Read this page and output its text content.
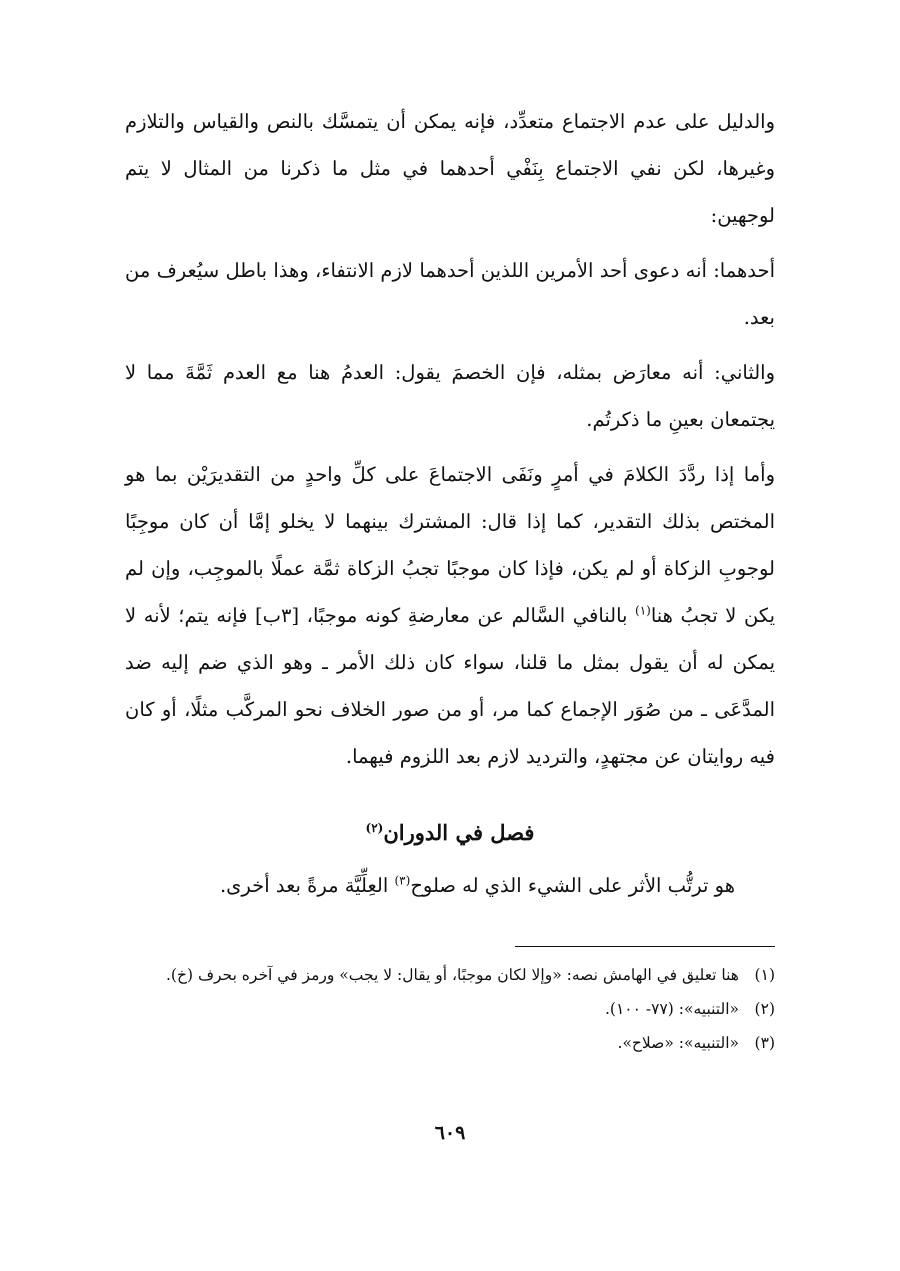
والدليل على عدم الاجتماع متعدِّد، فإنه يمكن أن يتمسَّك بالنص والقياس والتلازم وغيرها، لكن نفي الاجتماع بِنَفْي أحدهما في مثل ما ذكرنا من المثال لا يتم لوجهين:

أحدهما: أنه دعوى أحد الأمرين اللذين أحدهما لازم الانتفاء، وهذا باطل سيُعرف من بعد.

والثاني: أنه معارَض بمثله، فإن الخصمَ يقول: العدمُ هنا مع العدم ثَمَّةَ مما لا يجتمعان بعينِ ما ذكرتُم.

وأما إذا ردَّدَ الكلامَ في أمرٍ ونَفَى الاجتماعَ على كلِّ واحدٍ من التقديرَيْن بما هو المختص بذلك التقدير، كما إذا قال: المشترك بينهما لا يخلو إمَّا أن كان موجِبًا لوجوبِ الزكاة أو لم يكن، فإذا كان موجبًا تجبُ الزكاة ثمَّة عملًا بالموجِب، وإن لم يكن لا تجبُ هنا$^{(١)}$ بالنافي السَّالم عن معارضةِ كونه موجبًا، [٣ب] فإنه يتم؛ لأنه لا يمكن له أن يقول بمثل ما قلنا، سواء كان ذلك الأمر ـ وهو الذي ضم إليه ضد المدَّعَى ـ من صُوَر الإجماع كما مر، أو من صور الخلاف نحو المركَّب مثلًا، أو كان فيه روايتان عن مجتهدٍ، والترديد لازم بعد اللزوم فيهما.

فصل في الدوران$^{(٢)}$
هو ترتُّب الأثر على الشيء الذي له صلوح$^{(٣)}$ العِلِّيَّة مرةً بعد أخرى.
(١)
هنا تعليق في الهامش نصه: «وإلا لكان موجبًا، أو يقال: لا يجب» ورمز في آخره بحرف (خ).
(٢)
«التنبيه»: (٧٧- ١٠٠).
(٣)
«التنبيه»: «صلاح».
٦٠٩
